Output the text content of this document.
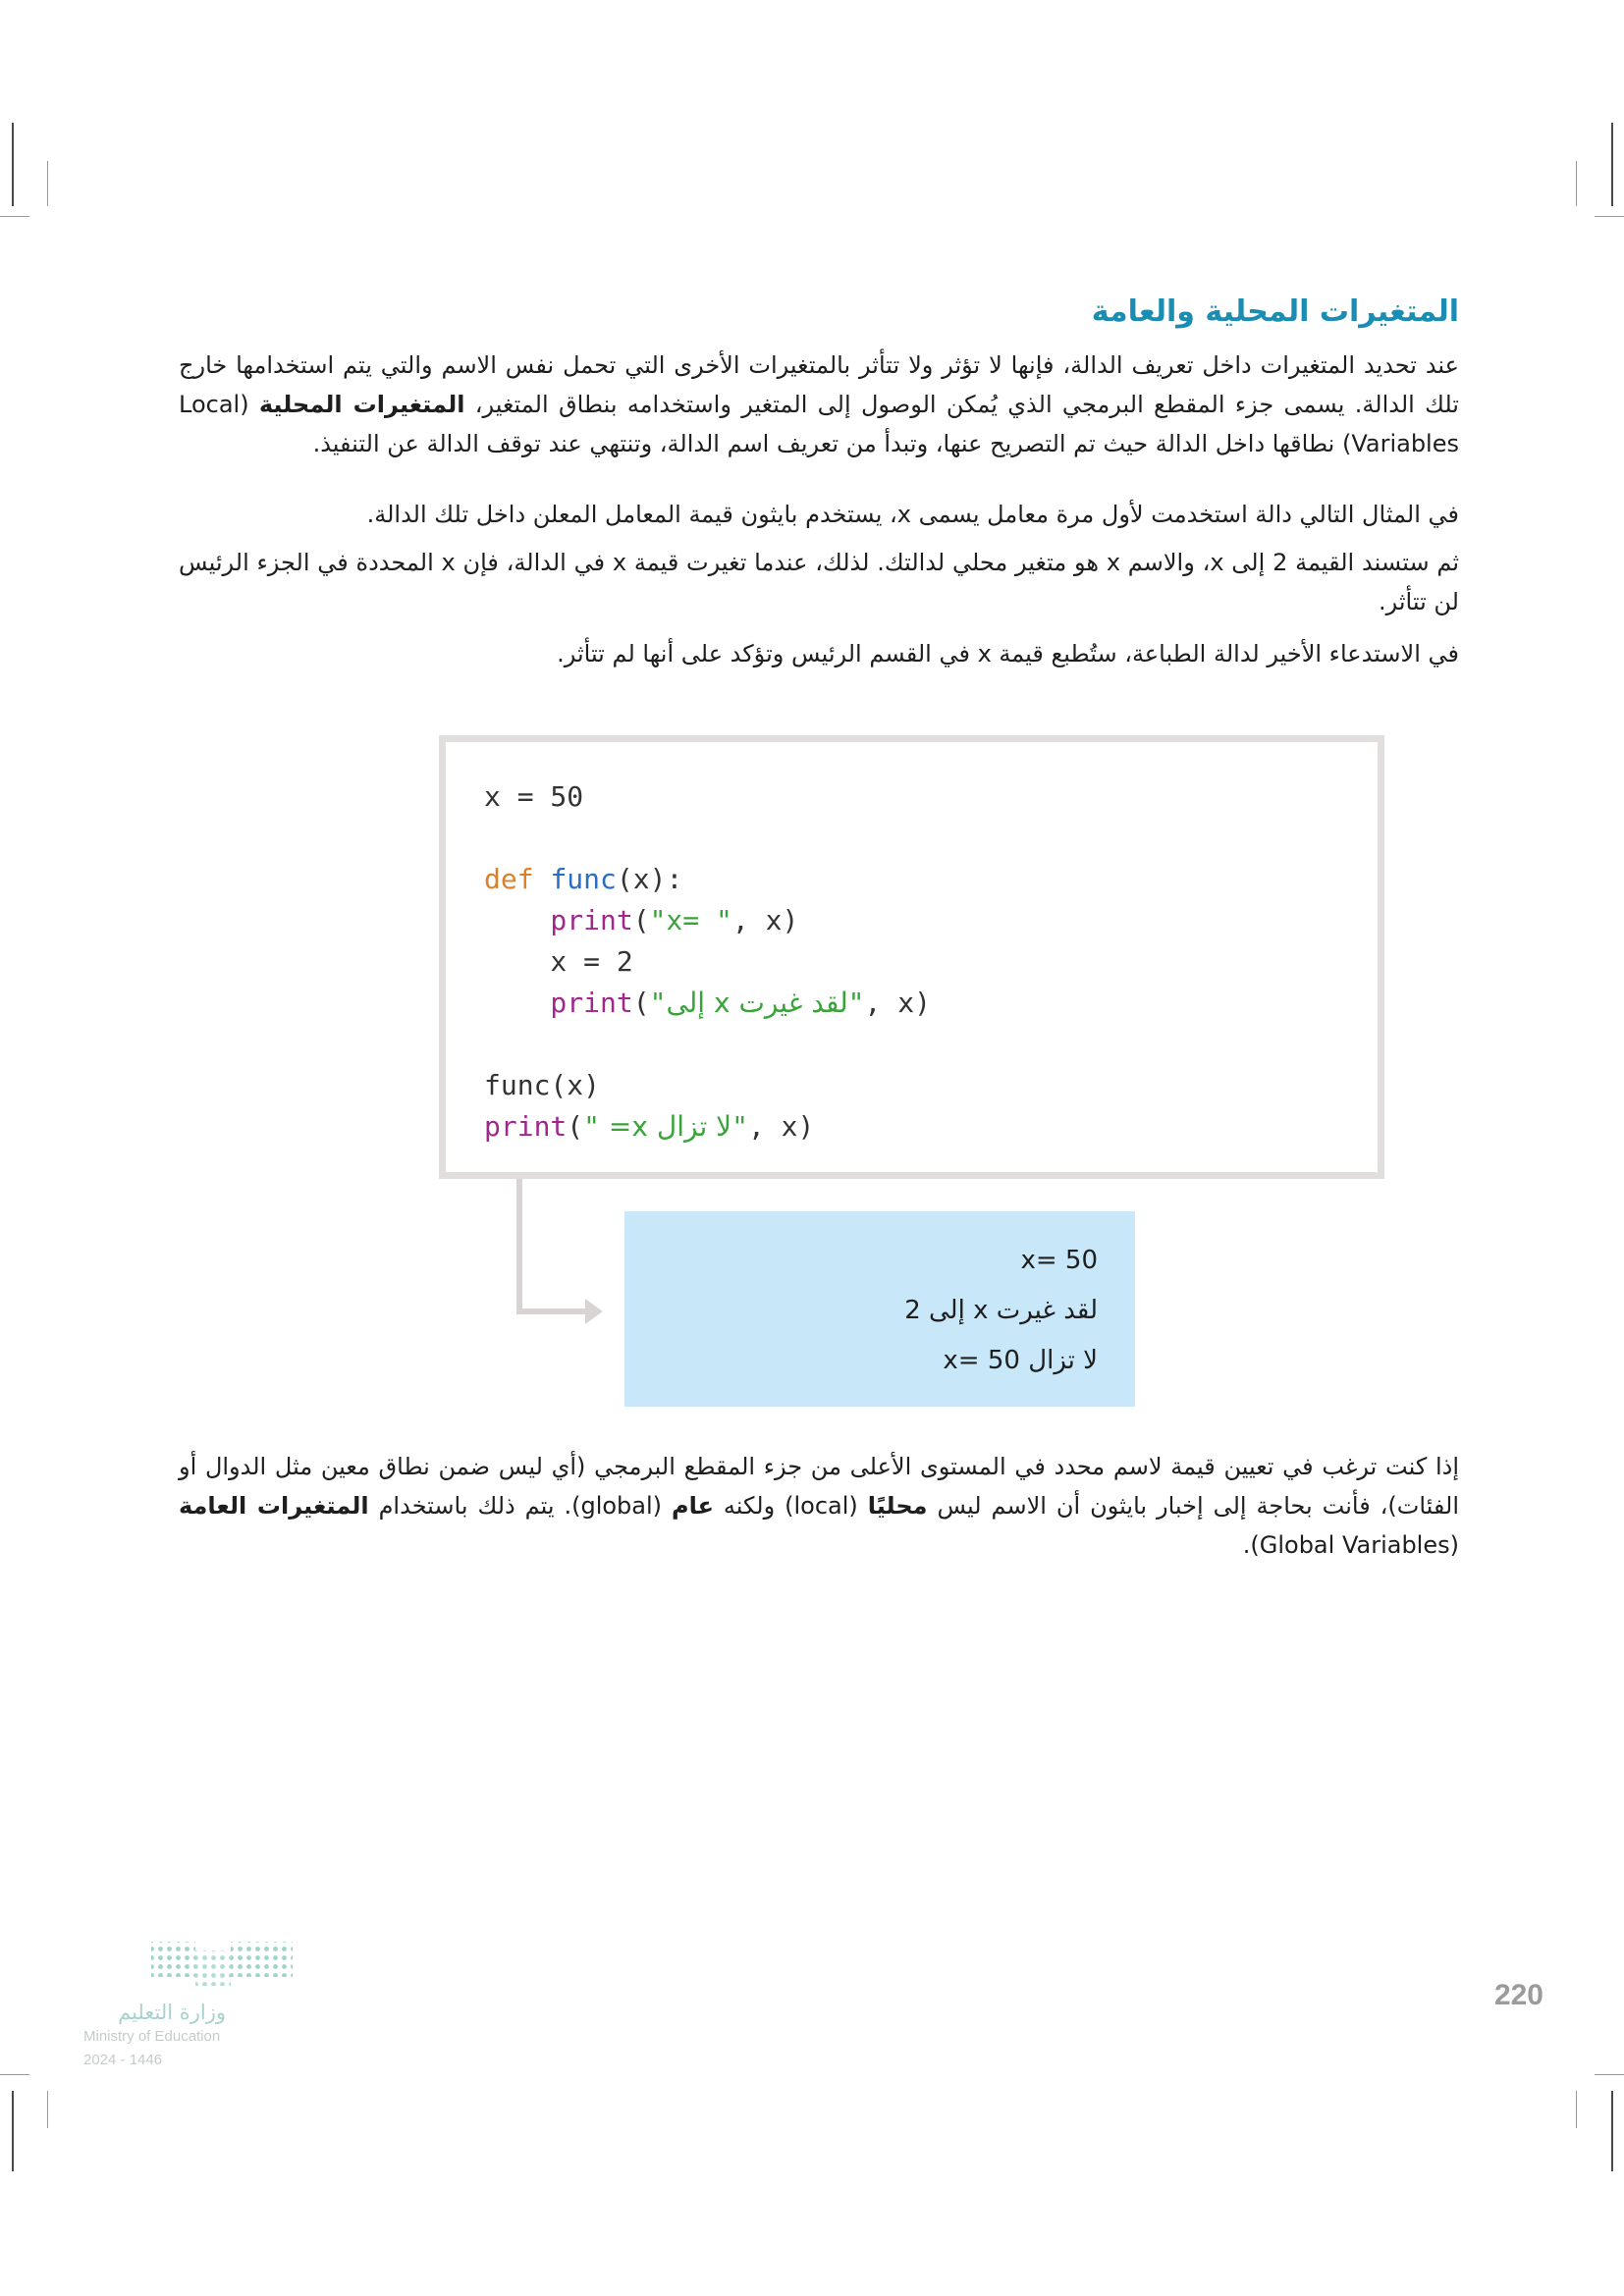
المتغيرات المحلية والعامة
عند تحديد المتغيرات داخل تعريف الدالة، فإنها لا تؤثر ولا تتأثر بالمتغيرات الأخرى التي تحمل نفس الاسم والتي يتم استخدامها خارج تلك الدالة. يسمى جزء المقطع البرمجي الذي يُمكن الوصول إلى المتغير واستخدامه بنطاق المتغير، المتغيرات المحلية (Local Variables) نطاقها داخل الدالة حيث تم التصريح عنها، وتبدأ من تعريف اسم الدالة، وتنتهي عند توقف الدالة عن التنفيذ.
في المثال التالي دالة استخدمت لأول مرة معامل يسمى x، يستخدم بايثون قيمة المعامل المعلن داخل تلك الدالة.
ثم ستسند القيمة 2 إلى x، والاسم x هو متغير محلي لدالتك. لذلك، عندما تغيرت قيمة x في الدالة، فإن x المحددة في الجزء الرئيس لن تتأثر.
في الاستدعاء الأخير لدالة الطباعة، ستُطبع قيمة x في القسم الرئيس وتؤكد على أنها لم تتأثر.
x = 50
def func(x):
print("x= ", x)
x = 2
print("لقد غيرت x إلى", x)
func(x)
print("لا تزال x= ", x)
x= 50
لقد غيرت x إلى 2
لا تزال x= 50
إذا كنت ترغب في تعيين قيمة لاسم محدد في المستوى الأعلى من جزء المقطع البرمجي (أي ليس ضمن نطاق معين مثل الدوال أو الفئات)، فأنت بحاجة إلى إخبار بايثون أن الاسم ليس محليًا (local) ولكنه عام (global). يتم ذلك باستخدام المتغيرات العامة (Global Variables).
220
وزارة التعليم
Ministry of Education
2024 - 1446
